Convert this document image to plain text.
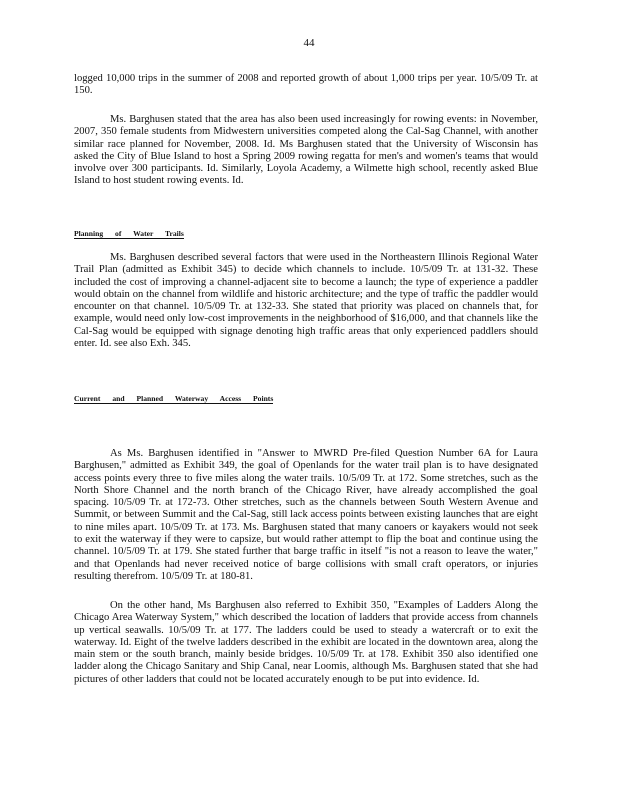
44

logged 10,000 trips in the summer of 2008 and reported growth of about 1,000 trips per year. 10/5/09 Tr. at 150.

Ms. Barghusen stated that the area has also been used increasingly for rowing events: in November, 2007, 350 female students from Midwestern universities competed along the Cal-Sag Channel, with another similar race planned for November, 2008. Id. Ms Barghusen stated that the University of Wisconsin has asked the City of Blue Island to host a Spring 2009 rowing regatta for men's and women's teams that would involve over 300 participants. Id. Similarly, Loyola Academy, a Wilmette high school, recently asked Blue Island to host student rowing events. Id.

Planning of Water Trails

Ms. Barghusen described several factors that were used in the Northeastern Illinois Regional Water Trail Plan (admitted as Exhibit 345) to decide which channels to include. 10/5/09 Tr. at 131-32. These included the cost of improving a channel-adjacent site to become a launch; the type of experience a paddler would obtain on the channel from wildlife and historic architecture; and the type of traffic the paddler would encounter on that channel. 10/5/09 Tr. at 132-33. She stated that priority was placed on channels that, for example, would need only low-cost improvements in the neighborhood of $16,000, and that channels like the Cal-Sag would be equipped with signage denoting high traffic areas that only experienced paddlers should enter. Id. see also Exh. 345.

Current and Planned Waterway Access Points

As Ms. Barghusen identified in "Answer to MWRD Pre-filed Question Number 6A for Laura Barghusen," admitted as Exhibit 349, the goal of Openlands for the water trail plan is to have designated access points every three to five miles along the water trails. 10/5/09 Tr. at 172. Some stretches, such as the North Shore Channel and the north branch of the Chicago River, have already accomplished the goal spacing. 10/5/09 Tr. at 172-73. Other stretches, such as the channels between South Western Avenue and Summit, or between Summit and the Cal-Sag, still lack access points between existing launches that are eight to nine miles apart. 10/5/09 Tr. at 173. Ms. Barghusen stated that many canoers or kayakers would not seek to exit the waterway if they were to capsize, but would rather attempt to flip the boat and continue using the channel. 10/5/09 Tr. at 179. She stated further that barge traffic in itself "is not a reason to leave the water," and that Openlands had never received notice of barge collisions with small craft operators, or injuries resulting therefrom. 10/5/09 Tr. at 180-81.

On the other hand, Ms Barghusen also referred to Exhibit 350, "Examples of Ladders Along the Chicago Area Waterway System," which described the location of ladders that provide access from channels up vertical seawalls. 10/5/09 Tr. at 177. The ladders could be used to steady a watercraft or to exit the waterway. Id. Eight of the twelve ladders described in the exhibit are located in the downtown area, along the main stem or the south branch, mainly beside bridges. 10/5/09 Tr. at 178. Exhibit 350 also identified one ladder along the Chicago Sanitary and Ship Canal, near Loomis, although Ms. Barghusen stated that she had pictures of other ladders that could not be located accurately enough to be put into evidence. Id.
